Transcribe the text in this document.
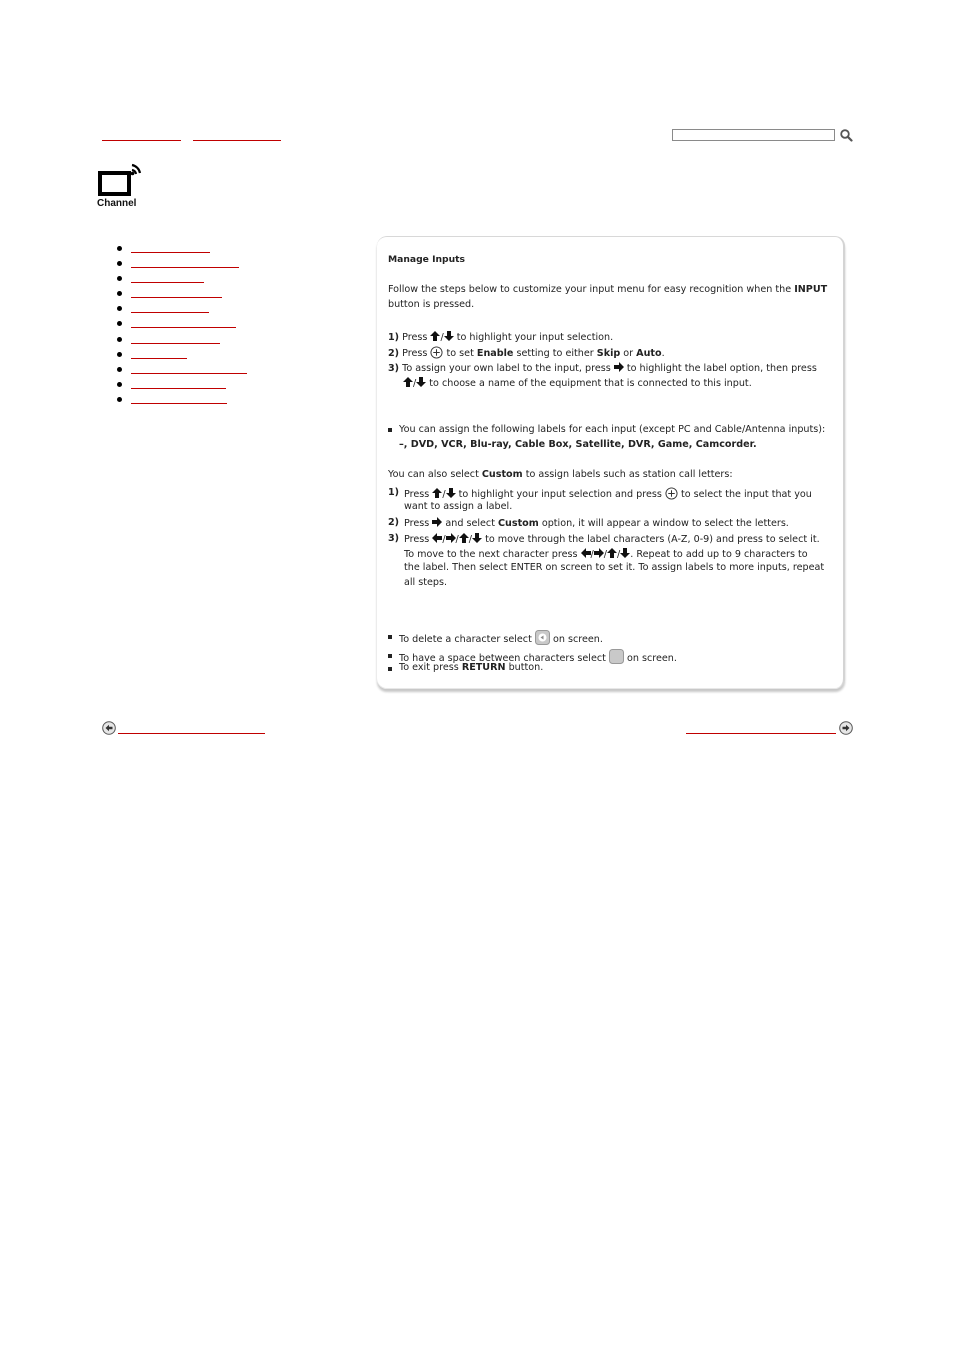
Channel
Manage Inputs
Follow the steps below to customize your input menu for easy recognition when the INPUT
button is pressed.
1) Press / to highlight your input selection.
2) Press  to set Enable setting to either Skip or Auto.
3) To assign your own label to the input, press  to highlight the label option, then press
/ to choose a name of the equipment that is connected to this input.
You can assign the following labels for each input (except PC and Cable/Antenna inputs):
–, DVD, VCR, Blu-ray, Cable Box, Satellite, DVR, Game, Camcorder.
You can also select Custom to assign labels such as station call letters:
1) Press / to highlight your input selection and press  to select the input that you
want to assign a label.
2) Press  and select Custom option, it will appear a window to select the letters.
3) Press / / / to move through the label characters (A-Z, 0-9) and press to select it.
To move to the next character press / / / . Repeat to add up to 9 characters to
the label. Then select ENTER on screen to set it. To assign labels to more inputs, repeat
all steps.
To delete a character select  on screen.
To have a space between characters select  on screen.
To exit press RETURN button.
